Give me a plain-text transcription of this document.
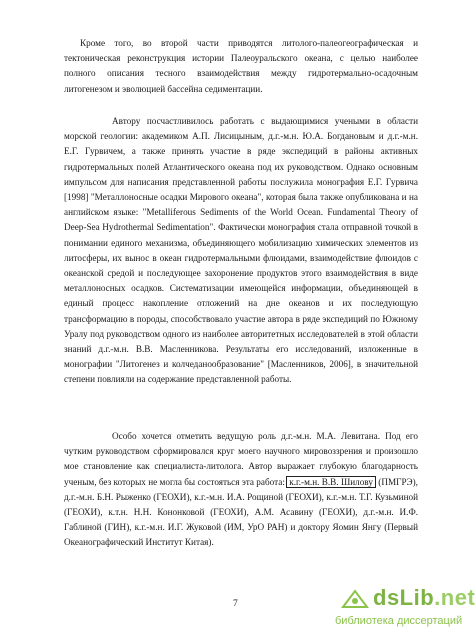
Кроме того, во второй части приводятся литолого-палеогеографическая и тектоническая реконструкция истории Палеоуральского океана, с целью наиболее полного описания тесного взаимодействия между гидротермально-осадочным литогенезом и эволюцией бассейна седиментации.

Автору посчастливилось работать с выдающимися учеными в области морской геологии: академиком А.П. Лисицыным, д.г.-м.н. Ю.А. Богдановым и д.г.-м.н. Е.Г. Гурвичем, а также принять участие в ряде экспедиций в районы активных гидротермальных полей Атлантического океана под их руководством. Однако основным импульсом для написания представленной работы послужила монография Е.Г. Гурвича [1998] "Металлоносные осадки Мирового океана", которая была также опубликована и на английском языке: "Metalliferous Sediments of the World Ocean. Fundamental Theory of Deep-Sea Hydrothermal Sedimentation". Фактически монография стала отправной точкой в понимании единого механизма, объединяющего мобилизацию химических элементов из литосферы, их вынос в океан гидротермальными флюидами, взаимодействие флюидов с океанской средой и последующее захоронение продуктов этого взаимодействия в виде металлоносных осадков. Систематизации имеющейся информации, объединяющей в единый процесс накопление отложений на дне океанов и их последующую трансформацию в породы, способствовало участие автора в ряде экспедиций по Южному Уралу под руководством одного из наиболее авторитетных исследователей в этой области знаний д.г.-м.н. В.В. Масленникова. Результаты его исследований, изложенные в монографии "Литогенез и колчеданообразование" [Масленников, 2006], в значительной степени повлияли на содержание представленной работы.

Особо хочется отметить ведущую роль д.г.-м.н. М.А. Левитана. Под его чутким руководством сформировался круг моего научного мировоззрения и произошло мое становление как специалиста-литолога. Автор выражает глубокую благодарность ученым, без которых не могла бы состояться эта работа: к.г.-м.н. В.В. Шилову (ПМГРЭ), д.г.-м.н. Б.Н. Рыженко (ГЕОХИ), к.г.-м.н. И.А. Рощиной (ГЕОХИ), к.г.-м.н. Т.Г. Кузьминой (ГЕОХИ), к.т.н. Н.Н. Кононковой (ГЕОХИ), А.М. Асавину (ГЕОХИ), д.г.-м.н. И.Ф. Габлиной (ГИН), к.г.-м.н. И.Г. Жуковой (ИМ, УрО РАН) и доктору Яомин Янгу (Первый Океанографический Институт Китая).

7	dsLib.net
библиотека диссертаций
